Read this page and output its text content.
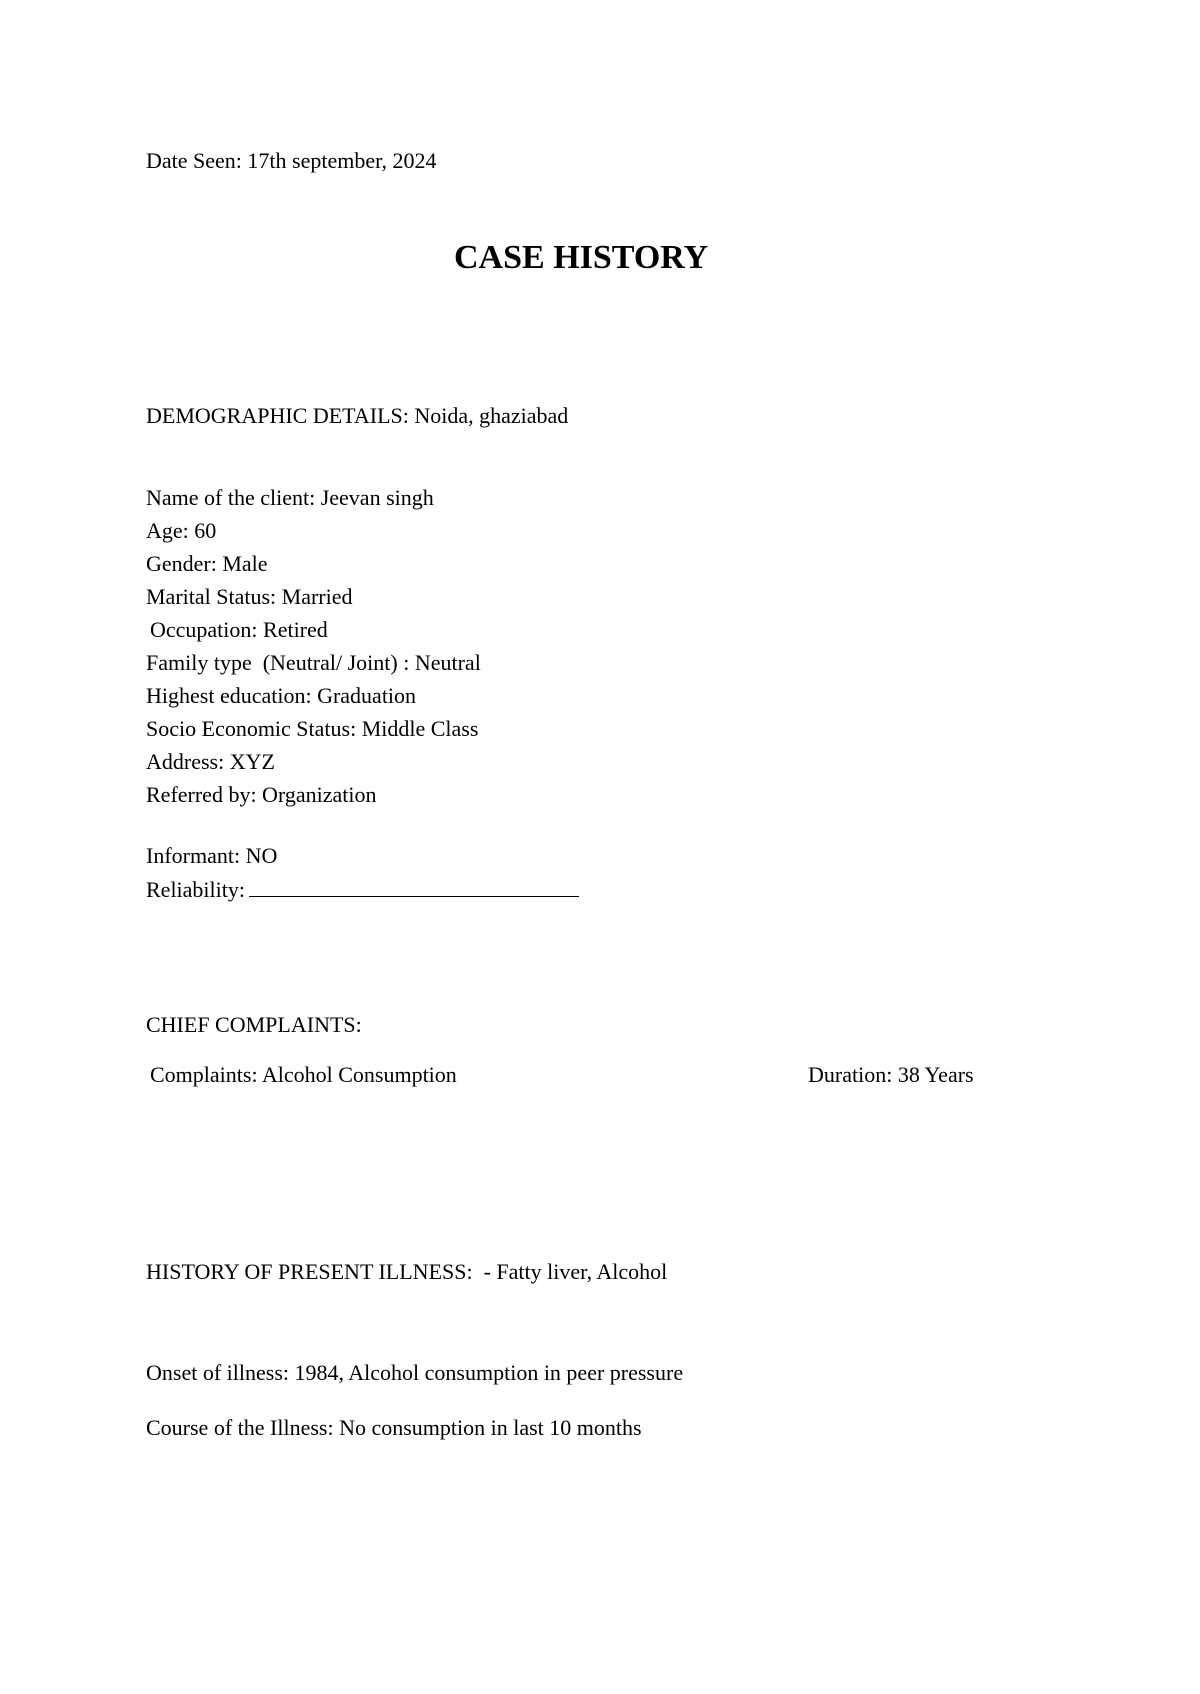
Date Seen: 17th september, 2024
CASE HISTORY
DEMOGRAPHIC DETAILS: Noida, ghaziabad
Name of the client: Jeevan singh
Age: 60
Gender: Male
Marital Status: Married
Occupation: Retired
Family type  (Neutral/ Joint) : Neutral
Highest education: Graduation
Socio Economic Status: Middle Class
Address: XYZ
Referred by: Organization
Informant: NO
Reliability:
CHIEF COMPLAINTS:
Complaints: Alcohol Consumption	Duration: 38 Years
HISTORY OF PRESENT ILLNESS:  - Fatty liver, Alcohol
Onset of illness: 1984, Alcohol consumption in peer pressure
Course of the Illness: No consumption in last 10 months
